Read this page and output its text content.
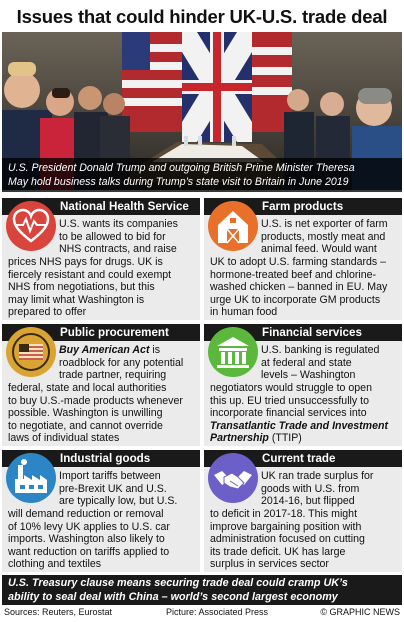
Issues that could hinder UK-U.S. trade deal
U.S. President Donald Trump and outgoing British Prime Minister Theresa
May hold business talks during Trump’s state visit to Britain in June 2019
National Health Service
U.S. wants its companies
to be allowed to bid for
NHS contracts, and raise
prices NHS pays for drugs. UK is
fiercely resistant and could exempt
NHS from negotiations, but this
may limit what Washington is
prepared to offer
Farm products
U.S. is net exporter of farm
products, mostly meat and
animal feed. Would want
UK to adopt U.S. farming standards –
hormone-treated beef and chlorine-
washed chicken – banned in EU. May
urge UK to incorporate GM products
in human food
Public procurement
Buy American Act is
roadblock for any potential
trade partner, requiring
federal, state and local authorities
to buy U.S.-made products whenever
possible. Washington is unwilling
to negotiate, and cannot override
laws of individual states
Financial services
U.S. banking is regulated
at federal and state
levels – Washington
negotiators would struggle to open
this up. EU tried unsuccessfully to
incorporate financial services into
Transatlantic Trade and Investment
Partnership (TTIP)
Industrial goods
Import tariffs between
pre-Brexit UK and U.S.
are typically low, but U.S.
will demand reduction or removal
of 10% levy UK applies to U.S. car
imports. Washington also likely to
want reduction on tariffs applied to
clothing and textiles
Current trade
UK ran trade surplus for
goods with U.S. from
2014-16, but flipped
to deficit in 2017-18. This might
improve bargaining position with
administration focused on cutting
its trade deficit. UK has large
surplus in services sector
U.S. Treasury clause means securing trade deal could cramp UK’s
ability to seal deal with China – world’s second largest economy
Sources: Reuters, Eurostat	Picture: Associated Press	© GRAPHIC NEWS
